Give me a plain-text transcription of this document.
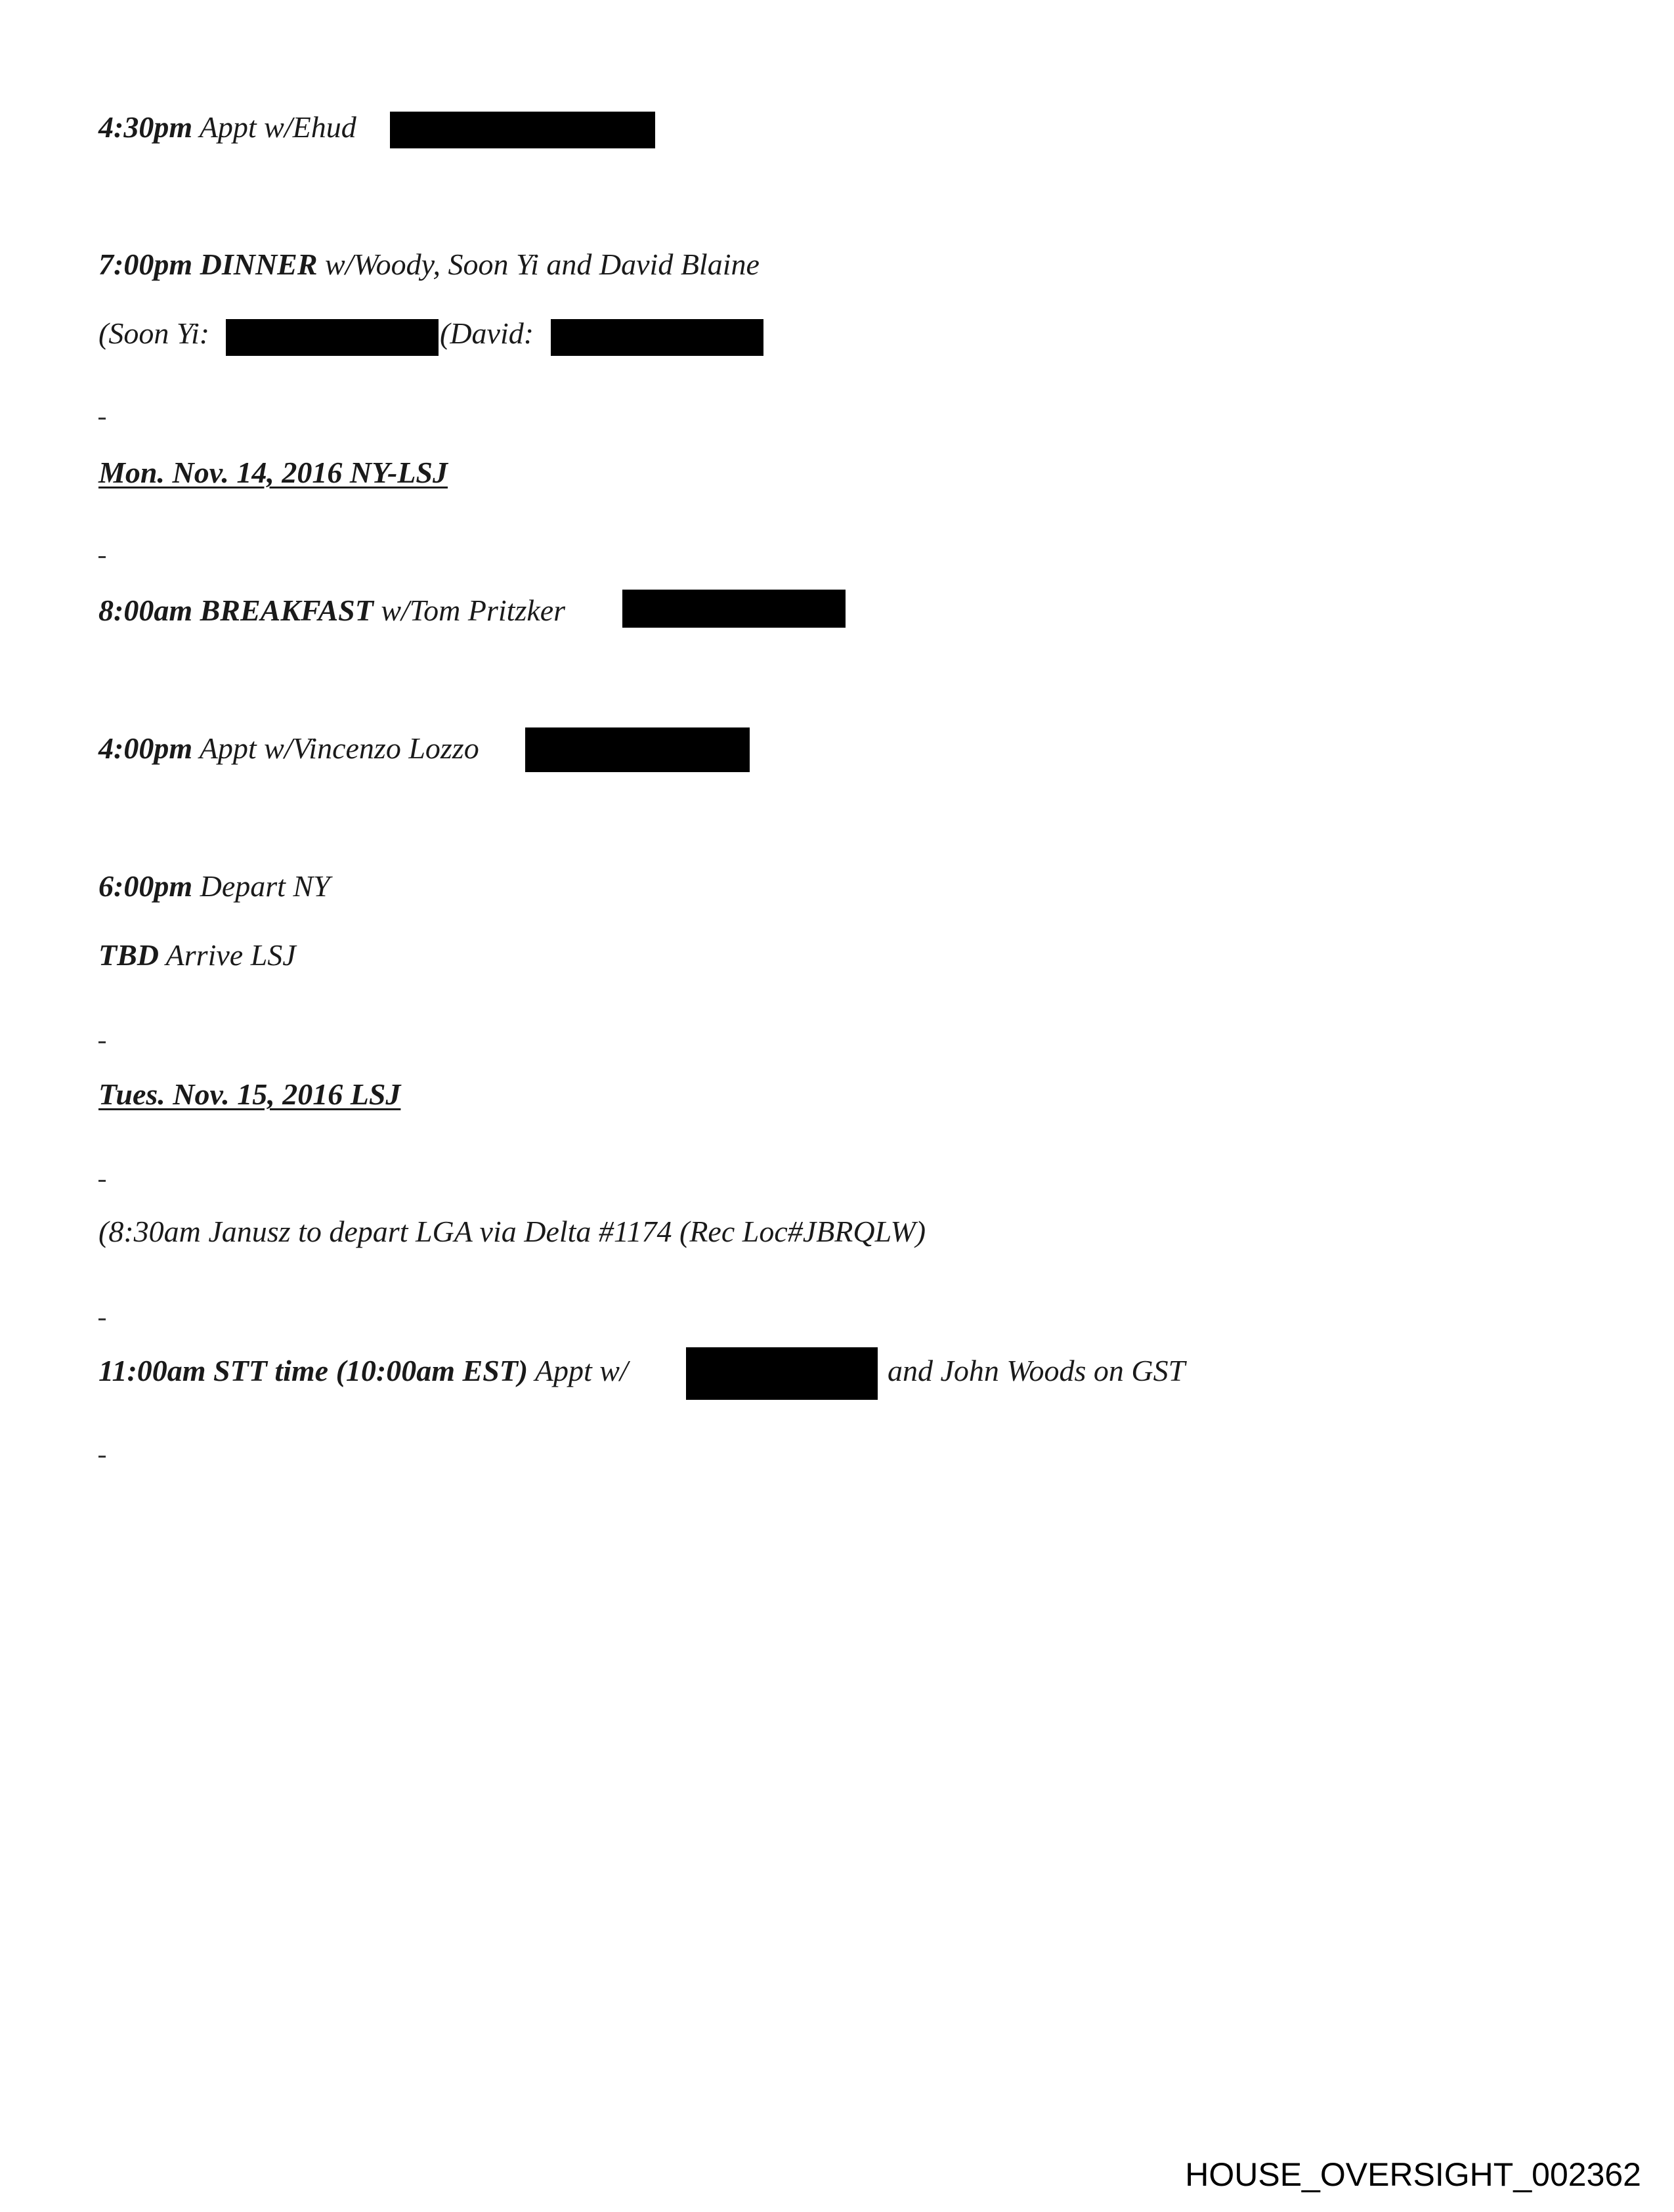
4:30pm Appt w/Ehud
7:00pm DINNER w/Woody, Soon Yi and David Blaine
(Soon Yi:	(David:
Mon. Nov. 14, 2016 NY-LSJ
8:00am BREAKFAST w/Tom Pritzker
4:00pm Appt w/Vincenzo Lozzo
6:00pm Depart NY
TBD Arrive LSJ
Tues. Nov. 15, 2016 LSJ
(8:30am Janusz to depart LGA via Delta #1174 (Rec Loc#JBRQLW)
11:00am STT time (10:00am EST) Appt w/	and John Woods on GST
HOUSE_OVERSIGHT_002362
